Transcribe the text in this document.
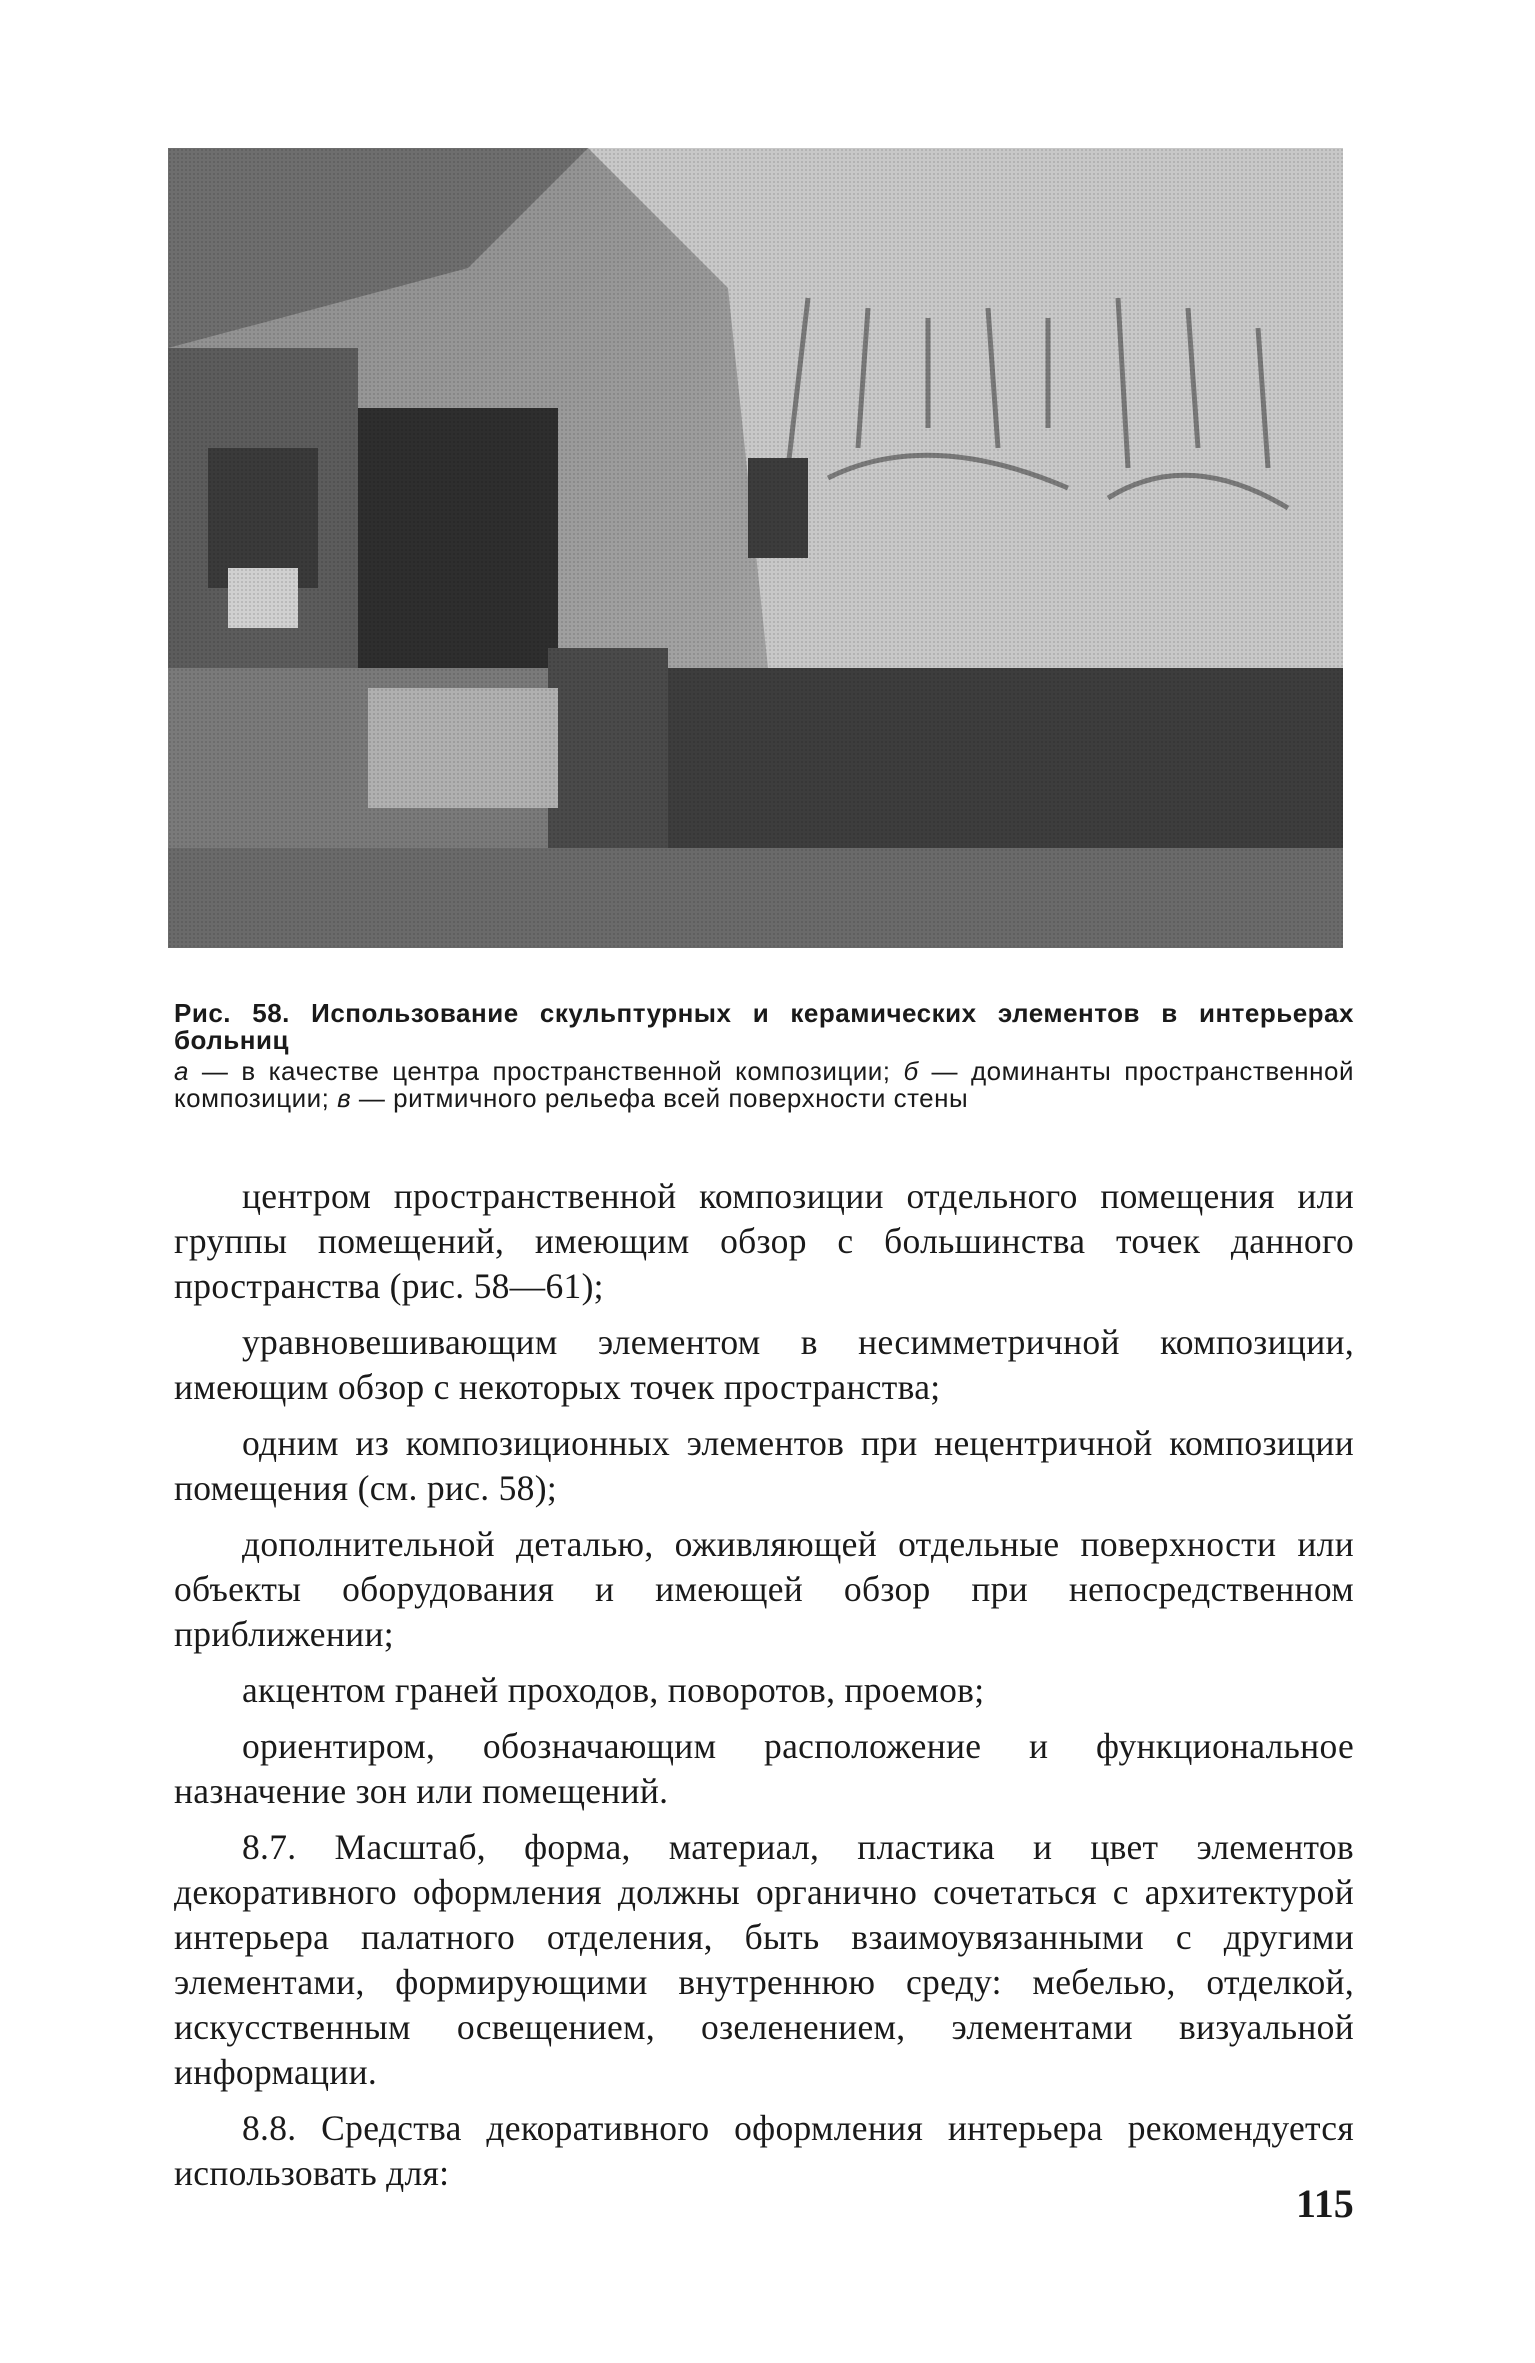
Рис. 58. Использование скульптурных и керамических элементов в интерьерах больниц
а — в качестве центра пространственной композиции; б — доминанты пространственной композиции; в — ритмичного рельефа всей поверхности стены

центром пространственной композиции отдельного помещения или группы помещений, имеющим обзор с большинства точек данного пространства (рис. 58—61);

уравновешивающим элементом в несимметричной композиции, имеющим обзор с некоторых точек пространства;

одним из композиционных элементов при нецентричной композиции помещения (см. рис. 58);

дополнительной деталью, оживляющей отдельные поверхности или объекты оборудования и имеющей обзор при непосредственном приближении;

акцентом граней проходов, поворотов, проемов;

ориентиром, обозначающим расположение и функциональное назначение зон или помещений.

8.7. Масштаб, форма, материал, пластика и цвет элементов декоративного оформления должны органично сочетаться с архитектурой интерьера палатного отделения, быть взаимоувязанными с другими элементами, формирующими внутреннюю среду: мебелью, отделкой, искусственным освещением, озеленением, элементами визуальной информации.

8.8. Средства декоративного оформления интерьера рекомендуется использовать для:

115
